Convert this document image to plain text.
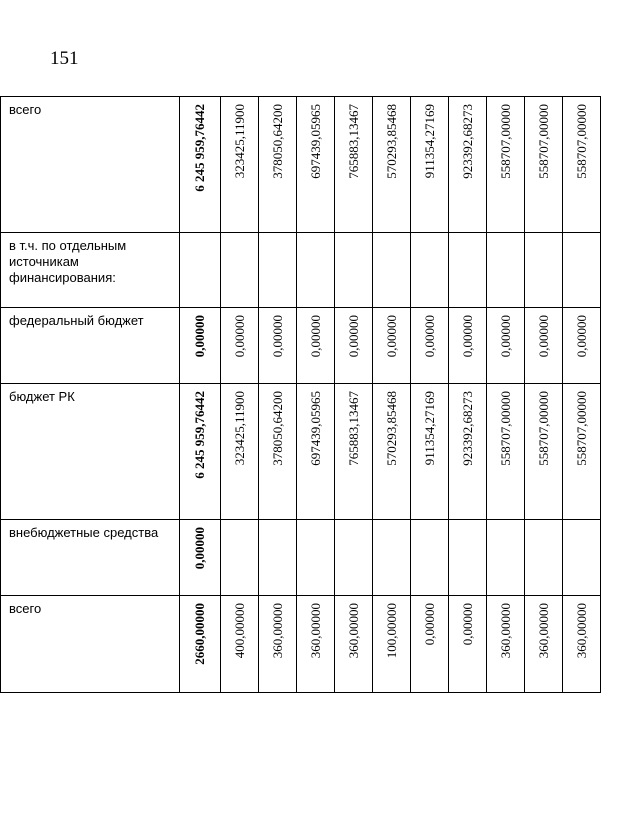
151
всего	6 245 959,76442	323425,11900	378050,64200	697439,05965	765883,13467	570293,85468	911354,27169	923392,68273	558707,00000	558707,00000	558707,00000

в т.ч. по отдельным источникам финансирования:	

федеральный бюджет	0,00000	0,00000	0,00000	0,00000	0,00000	0,00000	0,00000	0,00000	0,00000	0,00000	0,00000

бюджет РК	6 245 959,76442	323425,11900	378050,64200	697439,05965	765883,13467	570293,85468	911354,27169	923392,68273	558707,00000	558707,00000	558707,00000

внебюджетные средства	0,00000										

всего	2660,00000	400,00000	360,00000	360,00000	360,00000	100,00000	0,00000	0,00000	360,00000	360,00000	360,00000
